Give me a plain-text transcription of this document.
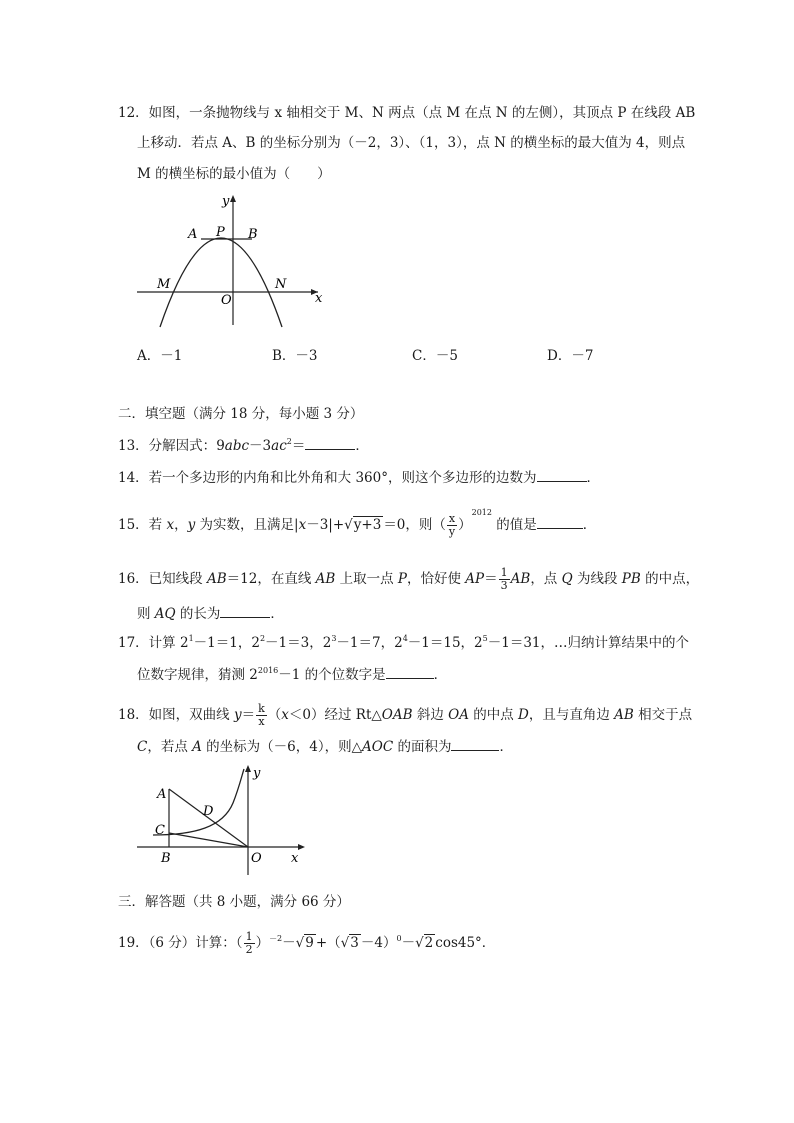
12．如图，一条抛物线与 x 轴相交于 M、N 两点（点 M 在点 N 的左侧），其顶点 P 在线段 AB
上移动．若点 A、B 的坐标分别为（－2，3）、（1，3），点 N 的横坐标的最大值为 4，则点
M 的横坐标的最小值为（　　）
y
A P B
M
O
N
x
A．－1	B．－3	C．－5	D．－7
二．填空题（满分 18 分，每小题 3 分）
13．分解因式：$9abc-3ac^2=$	．
14．若一个多边形的内角和比外角和大 360°，则这个多边形的边数为	．
15．若 x，y 为实数，且满足|x－3|+√y+3 ＝0，则（ $\frac{x}{y} )^{2012}$ 的值是	．
16．已知线段 AB＝12，在直线 AB 上取一点 P，恰好使 $AP= \frac{1}{3}$ AB，点 Q 为线段 PB 的中点，
则 AQ 的长为	．
17．计算 $2^1-1=1$，$2^2-1=3$，$2^3-1=7$，$2^4-1=15$，$2^5-1=31$，…归纳计算结果中的个
位数字规律，猜测 $2^{2016}-1$ 的个位数字是	．
18．如图，双曲线 $y= \frac{k}{x} (x<0)$经过 Rt△OAB 斜边 OA 的中点 D，且与直角边 AB 相交于点
C，若点 A 的坐标为（－6，4），则△AOC 的面积为	．
y
A
D
C
B	O x
三．解答题（共 8 小题，满分 66 分）
19．（6 分）计算：（ $\frac{1}{2} )^{-2}-√9 +(√3 -4)^0-√2$ cos45°．
